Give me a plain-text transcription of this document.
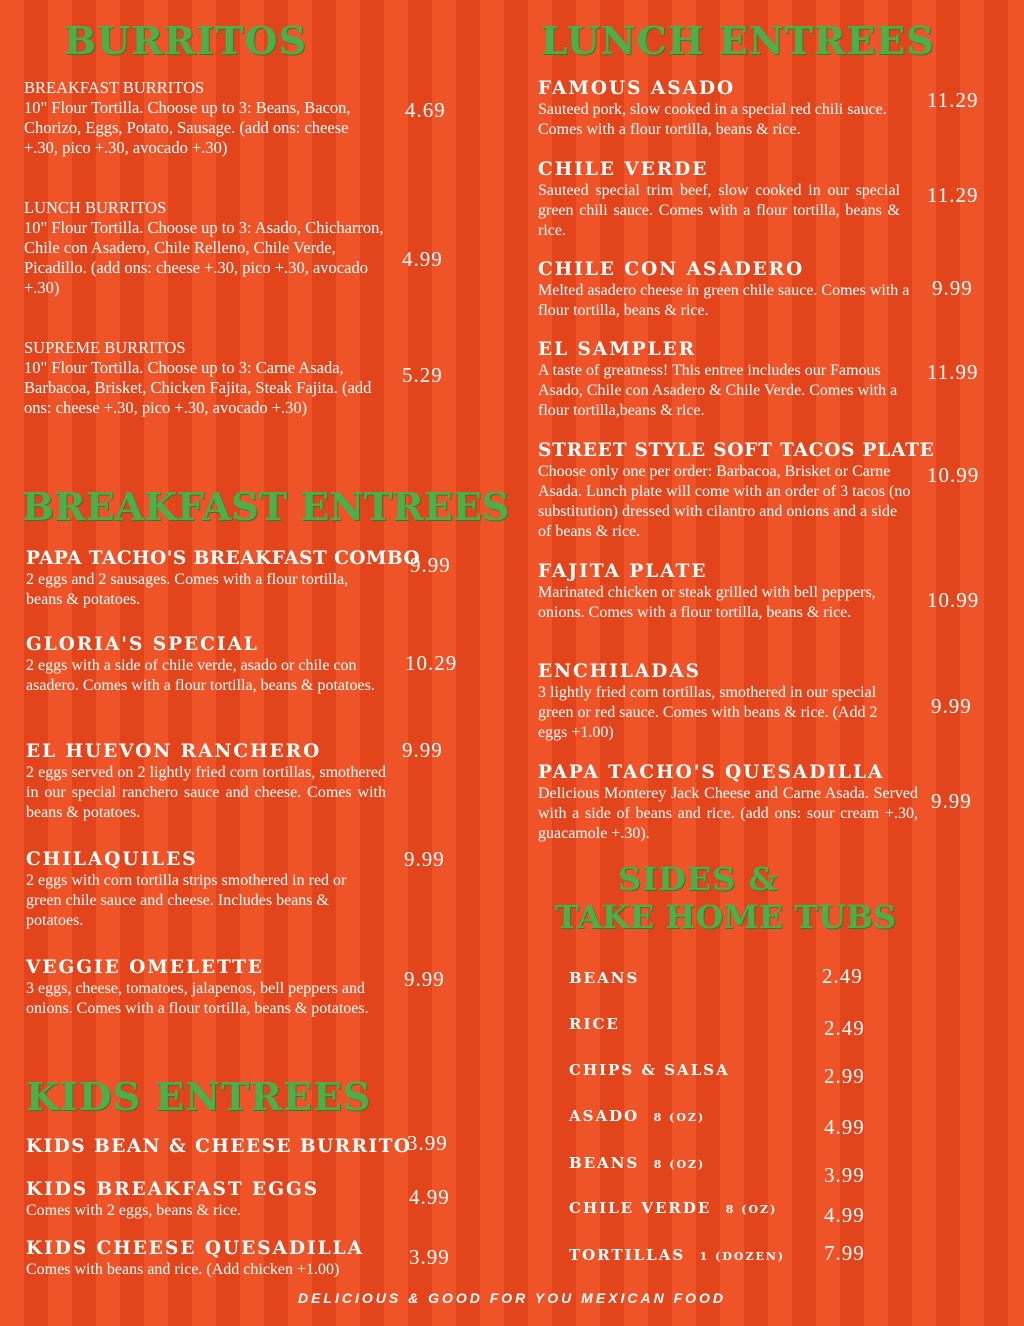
BURRITOS
BREAKFAST ENTREES
KIDS ENTREES
LUNCH ENTREES
SIDES &
TAKE HOME TUBS
BREAKFAST BURRITOS
10" Flour Tortilla. Choose up to 3: Beans, Bacon, Chorizo, Eggs, Potato, Sausage. (add ons: cheese +.30, pico +.30, avocado +.30)
4.69
LUNCH BURRITOS
10" Flour Tortilla. Choose up to 3: Asado, Chicharron, Chile con Asadero, Chile Relleno, Chile Verde, Picadillo. (add ons: cheese +.30, pico +.30, avocado +.30)
4.99
SUPREME BURRITOS
10" Flour Tortilla. Choose up to 3: Carne Asada, Barbacoa, Brisket, Chicken Fajita, Steak Fajita. (add ons: cheese +.30, pico +.30, avocado +.30)
5.29
PAPA TACHO'S BREAKFAST COMBO
2 eggs and 2 sausages. Comes with a flour tortilla, beans & potatoes.
9.99
GLORIA'S SPECIAL
2 eggs with a side of chile verde, asado or chile con asadero. Comes with a flour tortilla, beans & potatoes.
10.29
EL HUEVON RANCHERO
2 eggs served on 2 lightly fried corn tortillas, smothered in our special ranchero sauce and cheese. Comes with beans & potatoes.
9.99
CHILAQUILES
2 eggs with corn tortilla strips smothered in red or green chile sauce and cheese. Includes beans & potatoes.
9.99
VEGGIE OMELETTE
3 eggs, cheese, tomatoes, jalapenos, bell peppers and onions. Comes with a flour tortilla, beans & potatoes.
9.99
KIDS BEAN & CHEESE BURRITO
3.99
KIDS BREAKFAST EGGS
Comes with 2 eggs, beans & rice.
4.99
KIDS CHEESE QUESADILLA
Comes with beans and rice. (Add chicken +1.00)
3.99
FAMOUS ASADO
Sauteed pork, slow cooked in a special red chili sauce. Comes with a flour tortilla, beans & rice.
11.29
CHILE VERDE
Sauteed special trim beef, slow cooked in our special green chili sauce. Comes with a flour tortilla, beans & rice.
11.29
CHILE CON ASADERO
Melted asadero cheese in green chile sauce. Comes with a flour tortilla, beans & rice.
9.99
EL SAMPLER
A taste of greatness! This entree includes our Famous Asado, Chile con Asadero & Chile Verde. Comes with a flour tortilla,beans & rice.
11.99
STREET STYLE SOFT TACOS PLATE
Choose only one per order: Barbacoa, Brisket or Carne Asada. Lunch plate will come with an order of 3 tacos (no substitution) dressed with cilantro and onions and a side of beans & rice.
10.99
FAJITA PLATE
Marinated chicken or steak grilled with bell peppers, onions. Comes with a flour tortilla, beans & rice.
10.99
ENCHILADAS
3 lightly fried corn tortillas, smothered in our special green or red sauce. Comes with beans & rice. (Add 2 eggs +1.00)
9.99
PAPA TACHO'S QUESADILLA
Delicious Monterey Jack Cheese and Carne Asada. Served with a side of beans and rice. (add ons: sour cream +.30, guacamole +.30).
9.99
BEANS	2.49
RICE	2.49
CHIPS & SALSA	2.99
ASADO 8 (OZ)	4.99
BEANS 8 (OZ)	3.99
CHILE VERDE 8 (OZ) 4.99
TORTILLAS 1 (DOZEN) 7.99
DELICIOUS & GOOD FOR YOU MEXICAN FOOD
